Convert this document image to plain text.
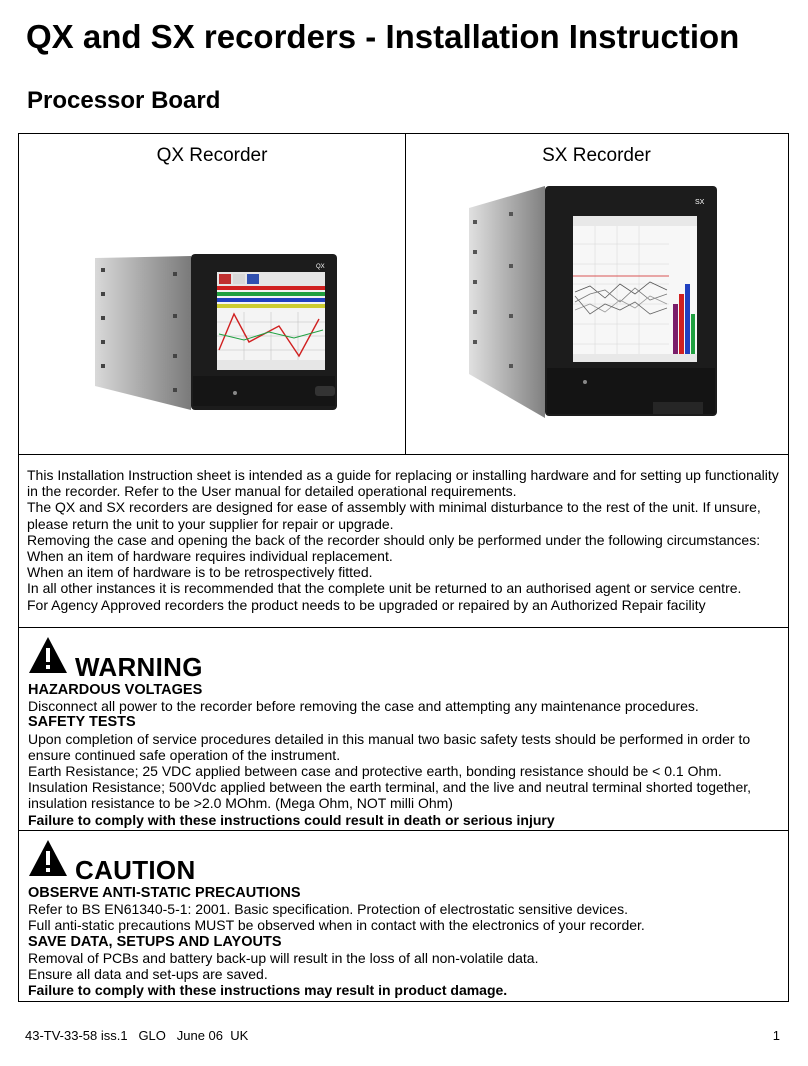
QX and SX recorders - Installation Instruction
Processor Board
QX Recorder
QX
SX Recorder
SX

This Installation Instruction sheet is intended as a guide for replacing or installing hardware and for setting up functionality in the recorder. Refer to the User manual for detailed operational requirements.

The QX and SX recorders are designed for ease of assembly with minimal disturbance to the rest of the unit. If unsure, please return the unit to your supplier for repair or upgrade.

Removing the case and opening the back of the recorder should only be performed under the following circumstances:

When an item of hardware requires individual replacement.

When an item of hardware is to be retrospectively fitted.

In all other instances it is recommended that the complete unit be returned to an authorised agent or service centre.

For Agency Approved recorders the product needs to be upgraded or repaired by an Authorized Repair facility

WARNING

HAZARDOUS VOLTAGES

Disconnect all power to the recorder before removing the case and attempting any maintenance procedures.

SAFETY TESTS

Upon completion of service procedures detailed in this manual two basic safety tests should be performed in order to ensure continued safe operation of the instrument.

Earth Resistance; 25 VDC applied between case and protective earth, bonding resistance should be < 0.1 Ohm.

Insulation Resistance; 500Vdc applied between the earth terminal, and the live and neutral terminal shorted together, insulation resistance to be >2.0 MOhm. (Mega Ohm, NOT milli Ohm)

Failure to comply with these instructions could result in death or serious injury

CAUTION

OBSERVE ANTI-STATIC PRECAUTIONS

Refer to BS EN61340-5-1: 2001. Basic specification. Protection of electrostatic sensitive devices.

Full anti-static precautions MUST be observed when in contact with the electronics of your recorder.

SAVE DATA, SETUPS AND LAYOUTS

Removal of PCBs and battery back-up will result in the loss of all non-volatile data.

Ensure all data and set-ups are saved.

Failure to comply with these instructions may result in product damage.

43-TV-33-58 iss.1   GLO   June 06  UK	1
